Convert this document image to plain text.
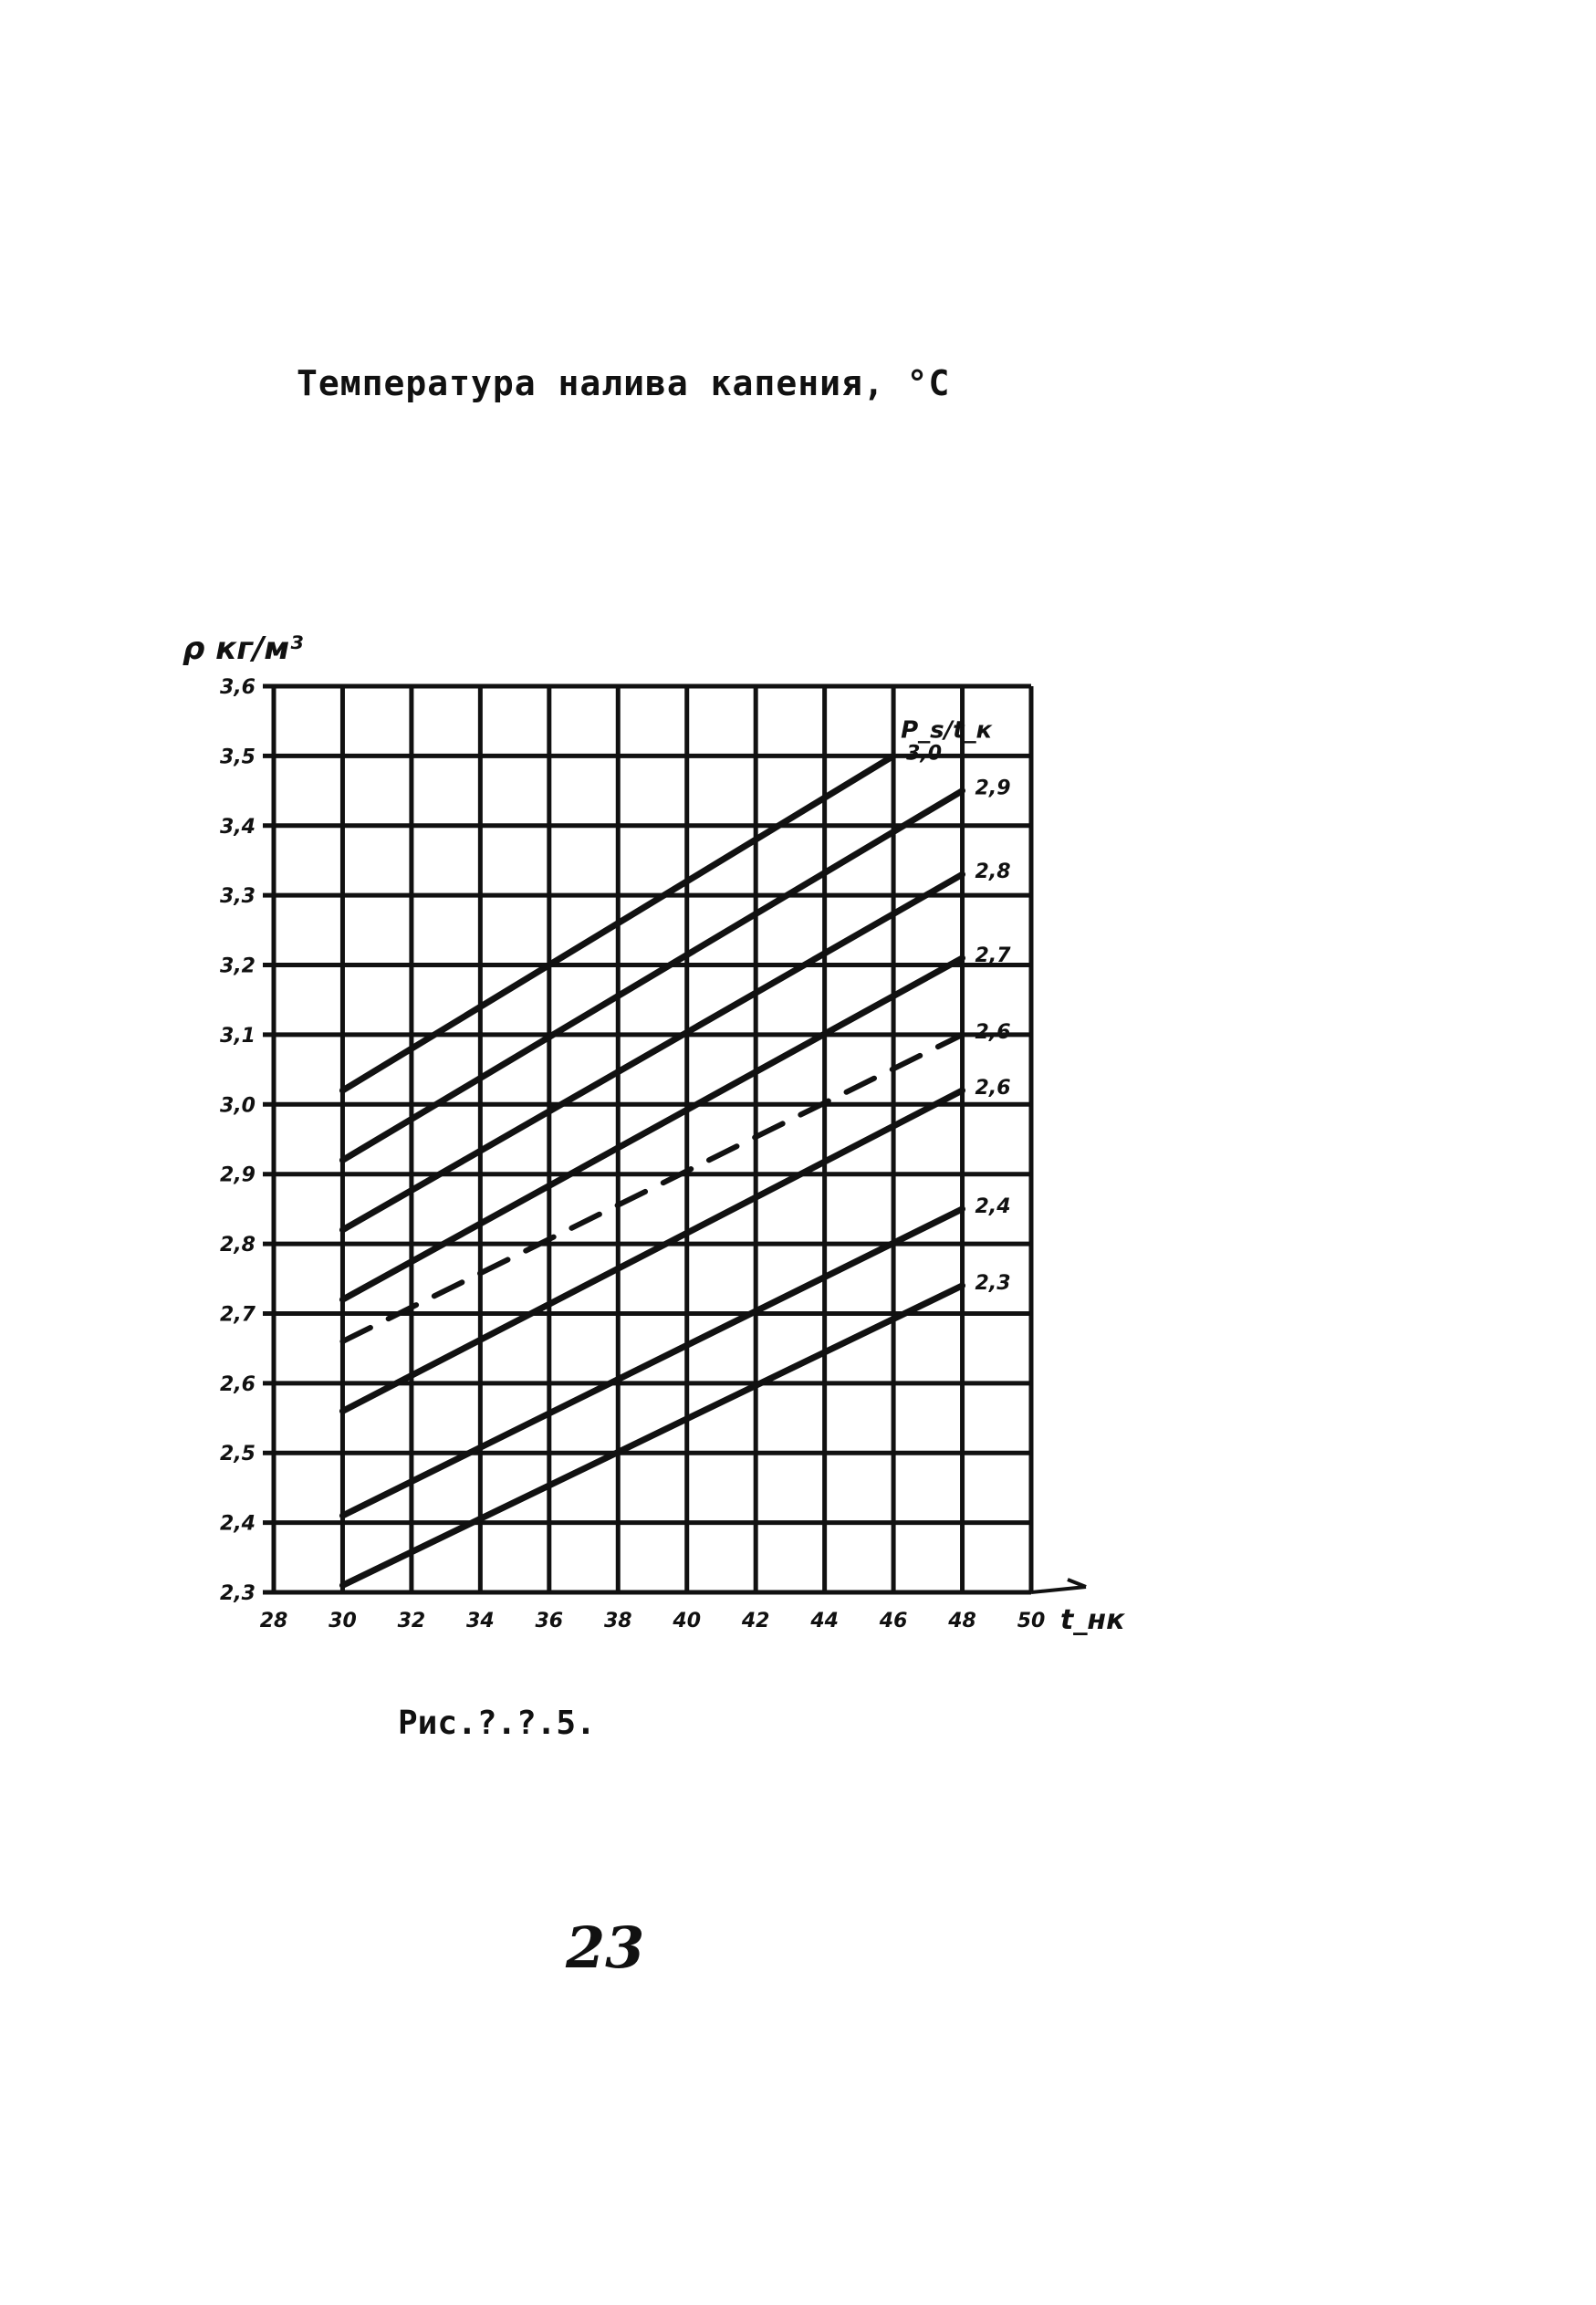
Температура налива капения, °C
3,0
2,9
2,8
2,7
2,6
2,6
2,4
2,3
28 30 32 34 36 38 40 42 44 46 48 50
2,3
2,4
2,5
2,6
2,7
2,8
2,9
3,0
3,1
3,2
3,3
3,4
3,5
3,6
ρ кг/м³
t_нк
P_s/t_к
Рис.?.?.5.
23
